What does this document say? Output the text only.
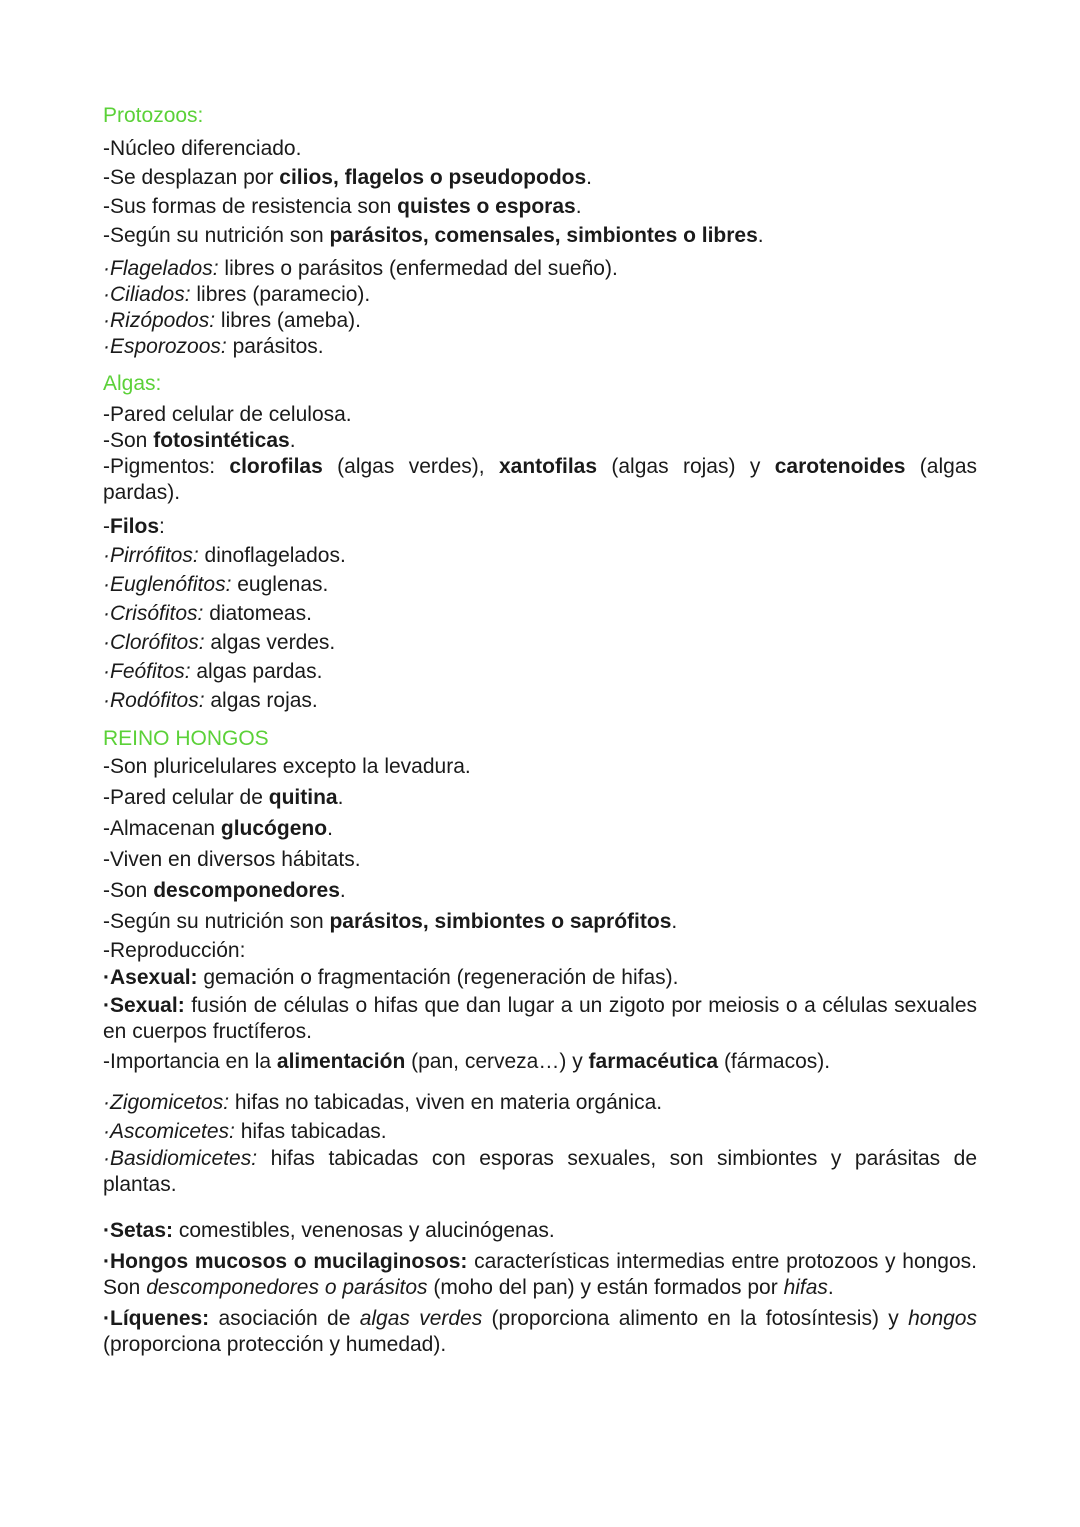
Protozoos:

-Núcleo diferenciado.

-Se desplazan por cilios, flagelos o pseudopodos.

-Sus formas de resistencia son quistes o esporas.

-Según su nutrición son parásitos, comensales, simbiontes o libres.

·Flagelados: libres o parásitos (enfermedad del sueño).

·Ciliados: libres (paramecio).

·Rizópodos: libres (ameba).

·Esporozoos: parásitos.

Algas:

-Pared celular de celulosa.

-Son fotosintéticas.

-Pigmentos: clorofilas (algas verdes), xantofilas (algas rojas) y carotenoides (algas pardas).

-Filos:

·Pirrófitos: dinoflagelados.

·Euglenófitos: euglenas.

·Crisófitos: diatomeas.

·Clorófitos: algas verdes.

·Feófitos: algas pardas.

·Rodófitos: algas rojas.

REINO HONGOS

-Son pluricelulares excepto la levadura.

-Pared celular de quitina.

-Almacenan glucógeno.

-Viven en diversos hábitats.

-Son descomponedores.

-Según su nutrición son parásitos, simbiontes o saprófitos.

-Reproducción:

·Asexual: gemación o fragmentación (regeneración de hifas).

·Sexual: fusión de células o hifas que dan lugar a un zigoto por meiosis o a células sexuales en cuerpos fructíferos.

-Importancia en la alimentación (pan, cerveza…) y farmacéutica (fármacos).

·Zigomicetos: hifas no tabicadas, viven en materia orgánica.

·Ascomicetes: hifas tabicadas.

·Basidiomicetes: hifas tabicadas con esporas sexuales, son simbiontes y parásitas de plantas.

·Setas: comestibles, venenosas y alucinógenas.

·Hongos mucosos o mucilaginosos: características intermedias entre protozoos y hongos. Son descomponedores o parásitos (moho del pan) y están formados por hifas.

·Líquenes: asociación de algas verdes (proporciona alimento en la fotosíntesis) y hongos (proporciona protección y humedad).
